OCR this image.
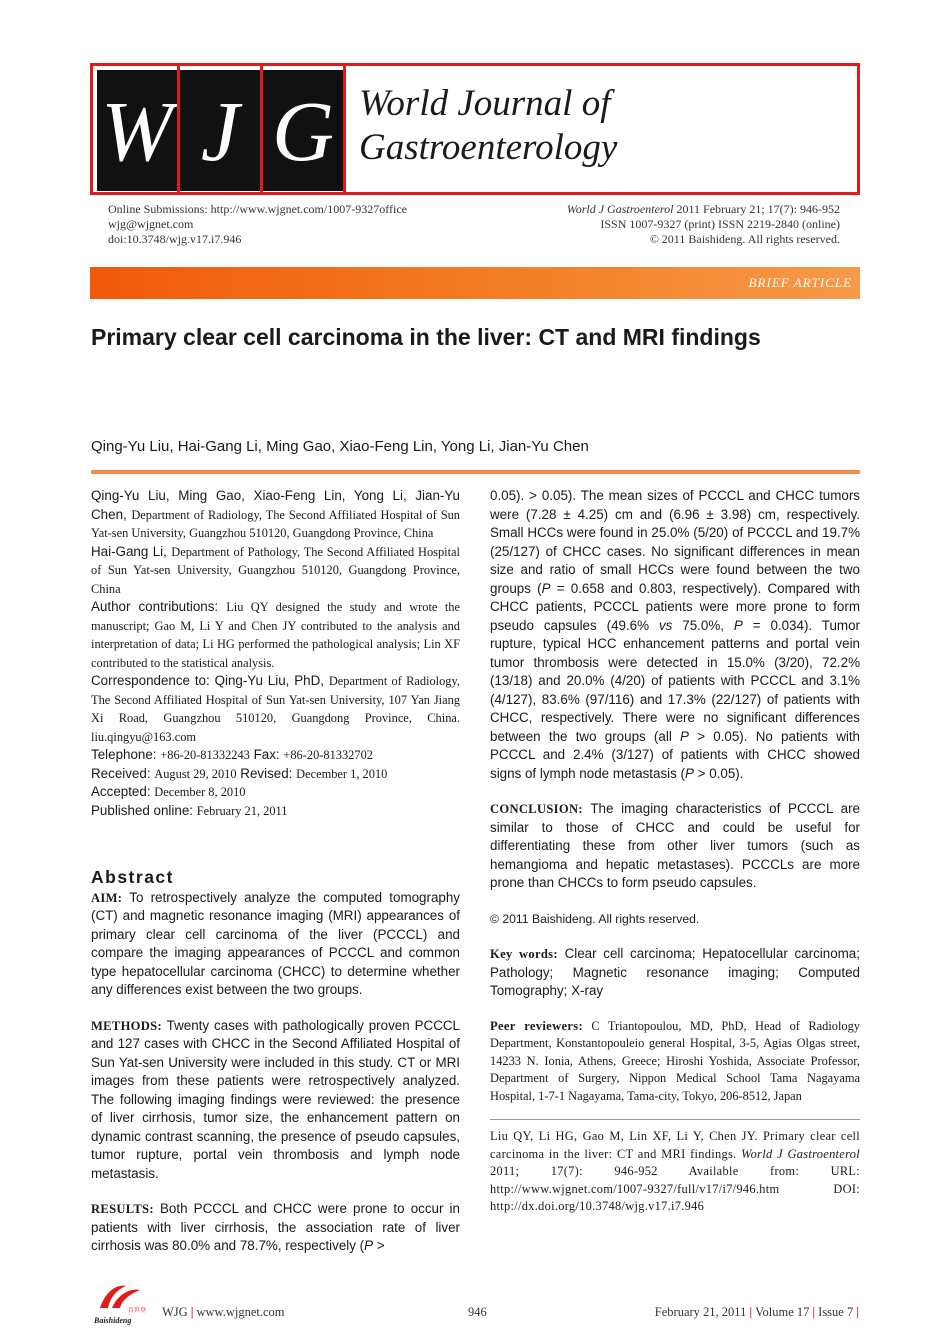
W J G World Journal of
Gastroenterology
Online Submissions: http://www.wjgnet.com/1007-9327office
wjg@wjgnet.com
doi:10.3748/wjg.v17.i7.946
World J Gastroenterol 2011 February 21; 17(7): 946-952
ISSN 1007-9327 (print) ISSN 2219-2840 (online)
© 2011 Baishideng. All rights reserved.
BRIEF ARTICLE
Primary clear cell carcinoma in the liver: CT and MRI findings
Qing-Yu Liu, Hai-Gang Li, Ming Gao, Xiao-Feng Lin, Yong Li, Jian-Yu Chen

Qing-Yu Liu, Ming Gao, Xiao-Feng Lin, Yong Li, Jian-Yu Chen, Department of Radiology, The Second Affiliated Hospital of Sun Yat-sen University, Guangzhou 510120, Guangdong Province, China

Hai-Gang Li, Department of Pathology, The Second Affiliated Hospital of Sun Yat-sen University, Guangzhou 510120, Guangdong Province, China

Author contributions: Liu QY designed the study and wrote the manuscript; Gao M, Li Y and Chen JY contributed to the analysis and interpretation of data; Li HG performed the pathological analysis; Lin XF contributed to the statistical analysis.

Correspondence to: Qing-Yu Liu, PhD, Department of Radiology, The Second Affiliated Hospital of Sun Yat-sen University, 107 Yan Jiang Xi Road, Guangzhou 510120, Guangdong Province, China. liu.qingyu@163.com

Telephone: +86-20-81332243 Fax: +86-20-81332702

Received: August 29, 2010 Revised: December 1, 2010

Accepted: December 8, 2010

Published online: February 21, 2011

Abstract

AIM: To retrospectively analyze the computed tomography (CT) and magnetic resonance imaging (MRI) appearances of primary clear cell carcinoma of the liver (PCCCL) and compare the imaging appearances of PCCCL and common type hepatocellular carcinoma (CHCC) to determine whether any differences exist between the two groups.

METHODS: Twenty cases with pathologically proven PCCCL and 127 cases with CHCC in the Second Affiliated Hospital of Sun Yat-sen University were included in this study. CT or MRI images from these patients were retrospectively analyzed. The following imaging findings were reviewed: the presence of liver cirrhosis, tumor size, the enhancement pattern on dynamic contrast scanning, the presence of pseudo capsules, tumor rupture, portal vein thrombosis and lymph node metastasis.

RESULTS: Both PCCCL and CHCC were prone to occur in patients with liver cirrhosis, the association rate of liver cirrhosis was 80.0% and 78.7%, respectively (P >

0.05). > 0.05). The mean sizes of PCCCL and CHCC tumors were (7.28 ± 4.25) cm and (6.96 ± 3.98) cm, respectively. Small HCCs were found in 25.0% (5/20) of PCCCL and 19.7% (25/127) of CHCC cases. No significant differences in mean size and ratio of small HCCs were found between the two groups (P = 0.658 and 0.803, respectively). Compared with CHCC patients, PCCCL patients were more prone to form pseudo capsules (49.6% vs 75.0%, P = 0.034). Tumor rupture, typical HCC enhancement patterns and portal vein tumor thrombosis were detected in 15.0% (3/20), 72.2% (13/18) and 20.0% (4/20) of patients with PCCCL and 3.1% (4/127), 83.6% (97/116) and 17.3% (22/127) of patients with CHCC, respectively. There were no significant differences between the two groups (all P > 0.05). No patients with PCCCL and 2.4% (3/127) of patients with CHCC showed signs of lymph node metastasis (P > 0.05).

CONCLUSION: The imaging characteristics of PCCCL are similar to those of CHCC and could be useful for differentiating these from other liver tumors (such as hemangioma and hepatic metastases). PCCCLs are more prone than CHCCs to form pseudo capsules.

© 2011 Baishideng. All rights reserved.

Key words: Clear cell carcinoma; Hepatocellular carcinoma; Pathology; Magnetic resonance imaging; Computed Tomography; X-ray

Peer reviewers: C Triantopoulou, MD, PhD, Head of Radiology Department, Konstantopouleio general Hospital, 3-5, Agias Olgas street, 14233 N. Ionia, Athens, Greece; Hiroshi Yoshida, Associate Professor, Department of Surgery, Nippon Medical School Tama Nagayama Hospital, 1-7-1 Nagayama, Tama-city, Tokyo, 206-8512, Japan

Liu QY, Li HG, Gao M, Lin XF, Li Y, Chen JY. Primary clear cell carcinoma in the liver: CT and MRI findings. World J Gastroenterol 2011; 17(7): 946-952 Available from: URL: http://www.wjgnet.com/1007-9327/full/v17/i7/946.htm DOI: http://dx.doi.org/10.3748/wjg.v17.i7.946

百世登
Baishideng
WJG | www.wjgnet.com	946	February 21, 2011 | Volume 17 | Issue 7 |
